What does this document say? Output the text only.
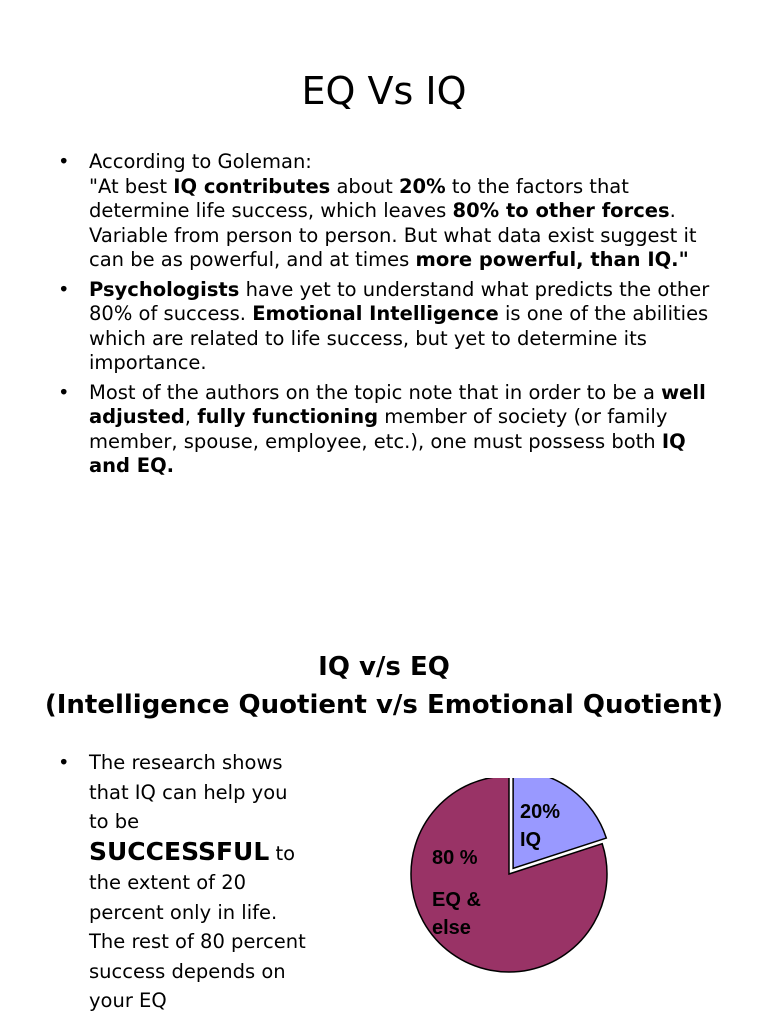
EQ Vs IQ
• According to Goleman:
"At best IQ contributes about 20% to the factors that determine life success, which leaves 80% to other forces. Variable from person to person. But what data exist suggest it can be as powerful, and at times more powerful, than IQ."
• Psychologists have yet to understand what predicts the other 80% of success. Emotional Intelligence is one of the abilities which are related to life success, but yet to determine its importance.
• Most of the authors on the topic note that in order to be a well adjusted, fully functioning member of society (or family member, spouse, employee, etc.), one must possess both IQ and EQ.
IQ v/s EQ
(Intelligence Quotient v/s Emotional Quotient)
• The research shows that IQ can help you to be
SUCCESSFUL to the extent of 20 percent only in life. The rest of 80 percent success depends on your EQ
20%
IQ
80 %
EQ & else
